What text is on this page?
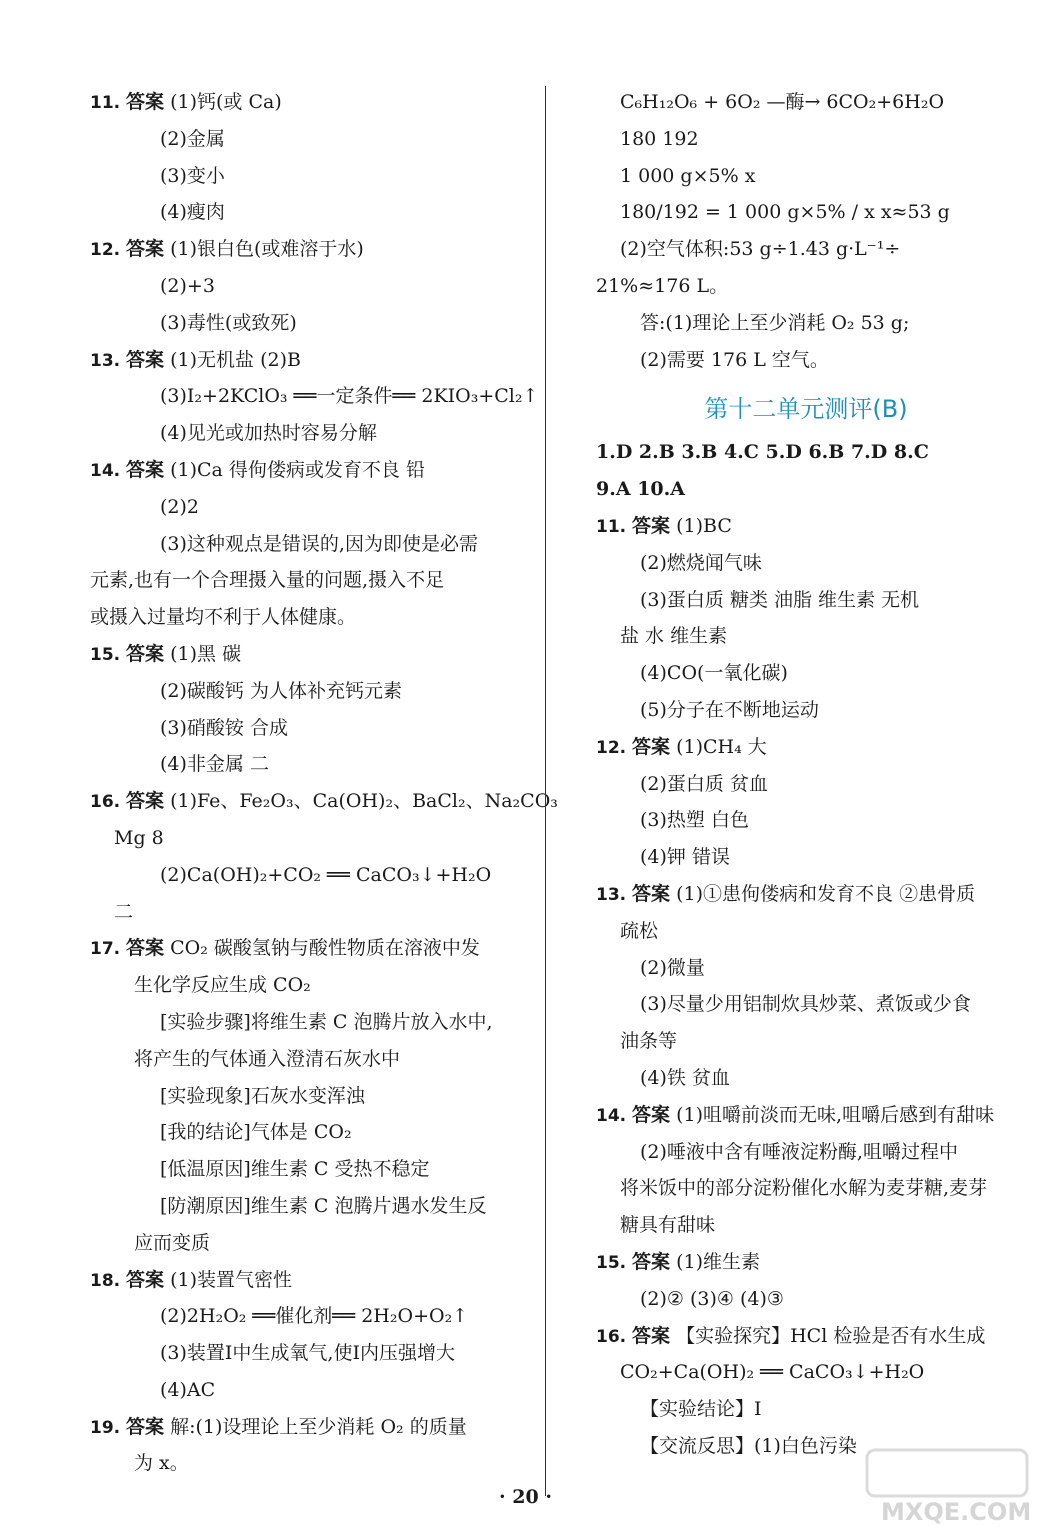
11. 答案 (1)钙(或 Ca)
(2)金属
(3)变小
(4)瘦肉
12. 答案 (1)银白色(或难溶于水)
(2)+3
(3)毒性(或致死)
13. 答案 (1)无机盐 (2)B
(3)I₂+2KClO₃ ══一定条件══ 2KIO₃+Cl₂↑
(4)见光或加热时容易分解
14. 答案 (1)Ca 得佝偻病或发育不良 铅
(2)2
(3)这种观点是错误的,因为即使是必需
元素,也有一个合理摄入量的问题,摄入不足
或摄入过量均不利于人体健康。
15. 答案 (1)黑 碳
(2)碳酸钙 为人体补充钙元素
(3)硝酸铵 合成
(4)非金属 二
16. 答案 (1)Fe、Fe₂O₃、Ca(OH)₂、BaCl₂、Na₂CO₃
Mg 8
(2)Ca(OH)₂+CO₂ ══ CaCO₃↓+H₂O
二
17. 答案 CO₂ 碳酸氢钠与酸性物质在溶液中发
生化学反应生成 CO₂
[实验步骤]将维生素 C 泡腾片放入水中,
将产生的气体通入澄清石灰水中
[实验现象]石灰水变浑浊
[我的结论]气体是 CO₂
[低温原因]维生素 C 受热不稳定
[防潮原因]维生素 C 泡腾片遇水发生反
应而变质
18. 答案 (1)装置气密性
(2)2H₂O₂ ══催化剂══ 2H₂O+O₂↑
(3)装置Ⅰ中生成氧气,使Ⅰ内压强增大
(4)AC
19. 答案 解:(1)设理论上至少消耗 O₂ 的质量
为 x。
C₆H₁₂O₆ + 6O₂ —酶→ 6CO₂+6H₂O
180 192
1 000 g×5% x
180/192 = 1 000 g×5% / x x≈53 g
(2)空气体积:53 g÷1.43 g·L⁻¹÷
21%≈176 L。
答:(1)理论上至少消耗 O₂ 53 g;
(2)需要 176 L 空气。
第十二单元测评(B)
1.D 2.B 3.B 4.C 5.D 6.B 7.D 8.C
9.A 10.A
11. 答案 (1)BC
(2)燃烧闻气味
(3)蛋白质 糖类 油脂 维生素 无机
盐 水 维生素
(4)CO(一氧化碳)
(5)分子在不断地运动
12. 答案 (1)CH₄ 大
(2)蛋白质 贫血
(3)热塑 白色
(4)钾 错误
13. 答案 (1)①患佝偻病和发育不良 ②患骨质
疏松
(2)微量
(3)尽量少用铝制炊具炒菜、煮饭或少食
油条等
(4)铁 贫血
14. 答案 (1)咀嚼前淡而无味,咀嚼后感到有甜味
(2)唾液中含有唾液淀粉酶,咀嚼过程中
将米饭中的部分淀粉催化水解为麦芽糖,麦芽
糖具有甜味
15. 答案 (1)维生素
(2)② (3)④ (4)③
16. 答案 【实验探究】HCl 检验是否有水生成
CO₂+Ca(OH)₂ ══ CaCO₃↓+H₂O
【实验结论】Ⅰ
【交流反思】(1)白色污染
· 20 ·
MXQE.COM
